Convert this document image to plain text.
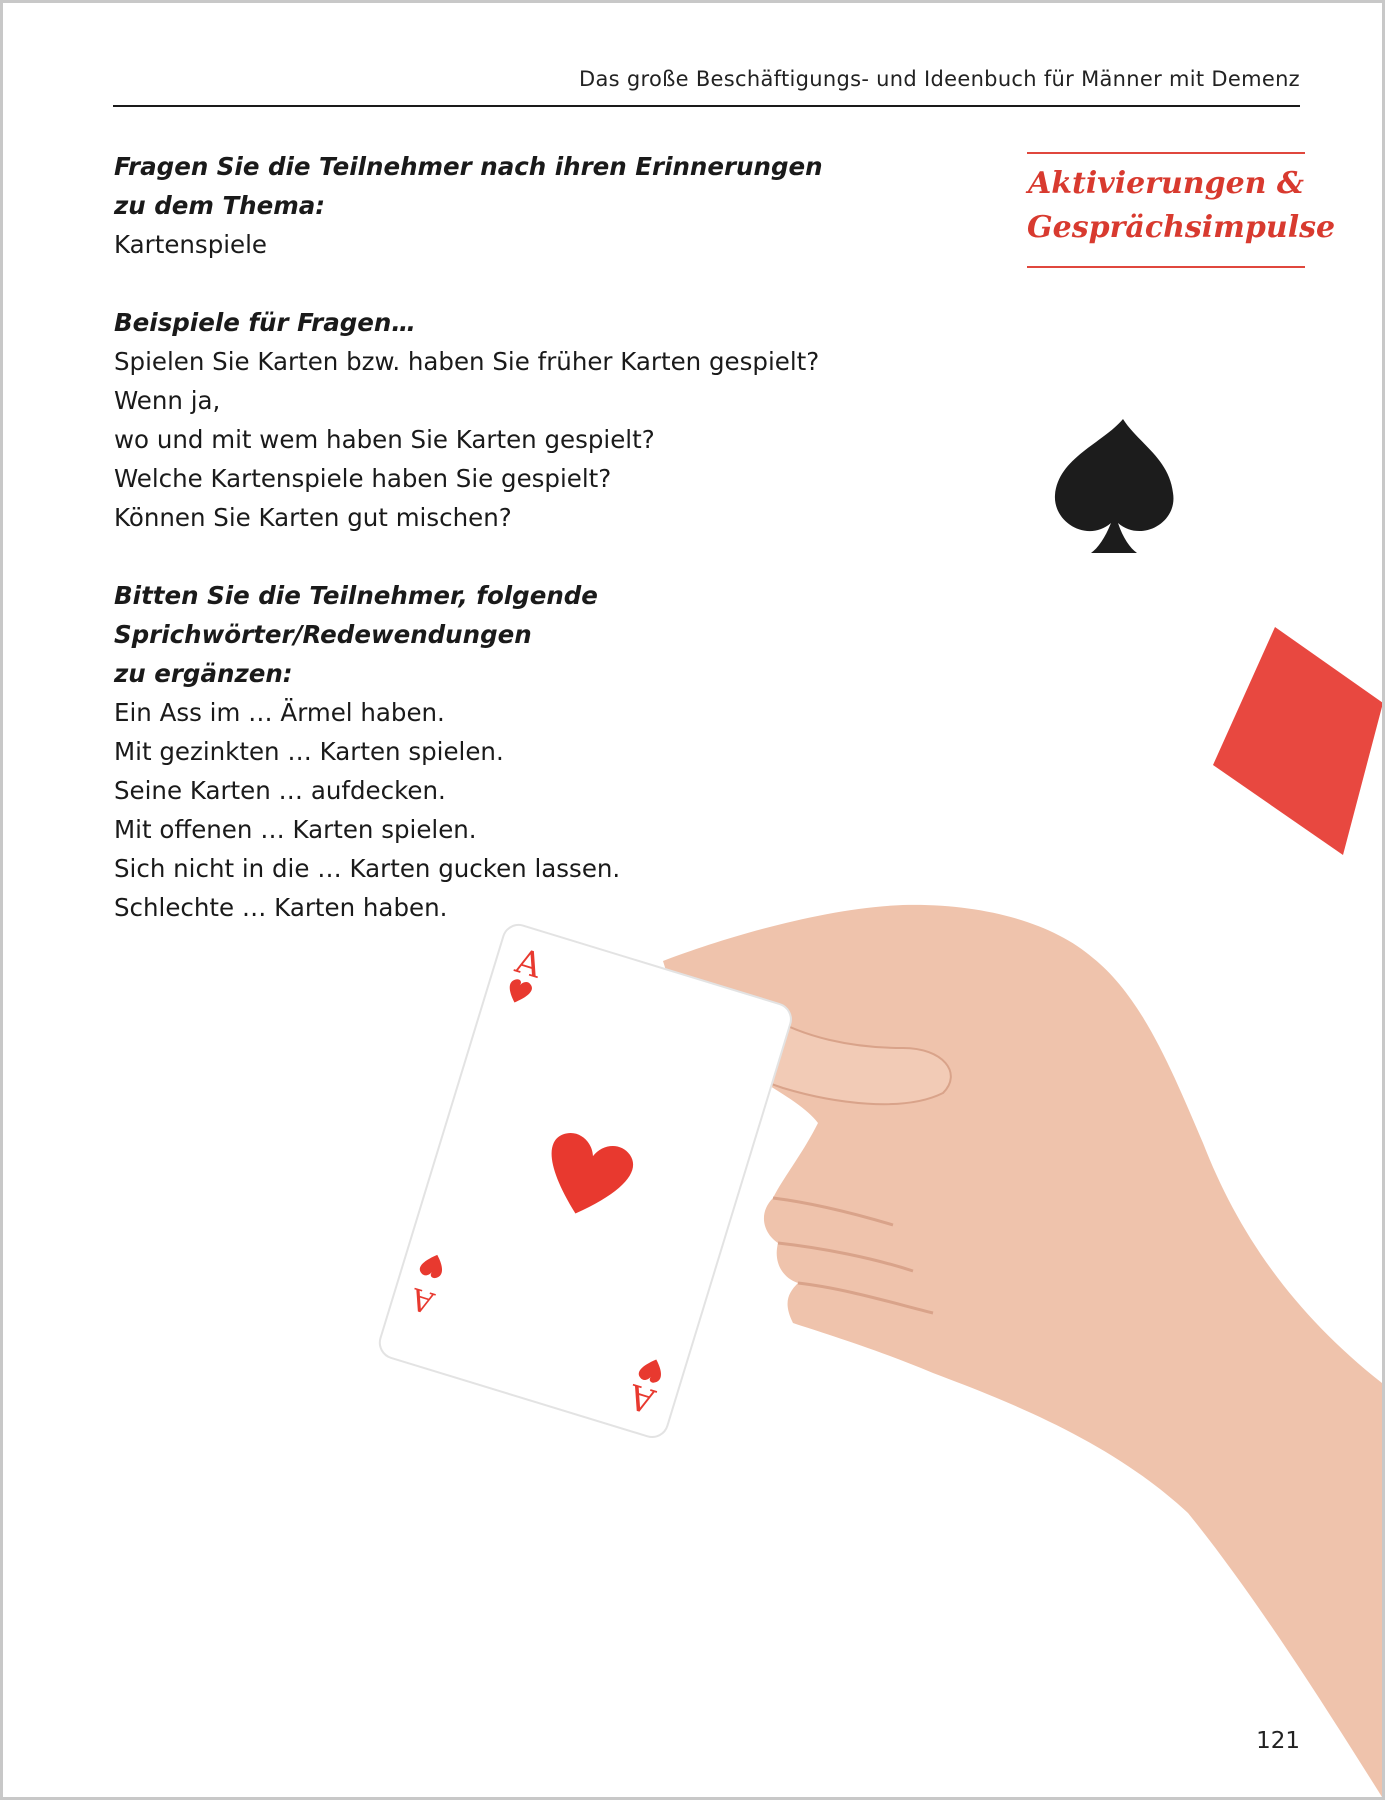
Das große Beschäftigungs- und Ideenbuch für Männer mit Demenz
Aktivierungen &
Gesprächsimpulse

Fragen Sie die Teilnehmer nach ihren Erinnerungen

zu dem Thema:

Kartenspiele

Beispiele für Fragen…

Spielen Sie Karten bzw. haben Sie früher Karten gespielt?

Wenn ja,

wo und mit wem haben Sie Karten gespielt?

Welche Kartenspiele haben Sie gespielt?

Können Sie Karten gut mischen?

Bitten Sie die Teilnehmer, folgende Sprichwörter/Redewendungen

zu ergänzen:

Ein Ass im … Ärmel haben.

Mit gezinkten … Karten spielen.

Seine Karten … aufdecken.

Mit offenen … Karten spielen.

Sich nicht in die … Karten gucken lassen.

Schlechte … Karten haben.

A
A
A
121
